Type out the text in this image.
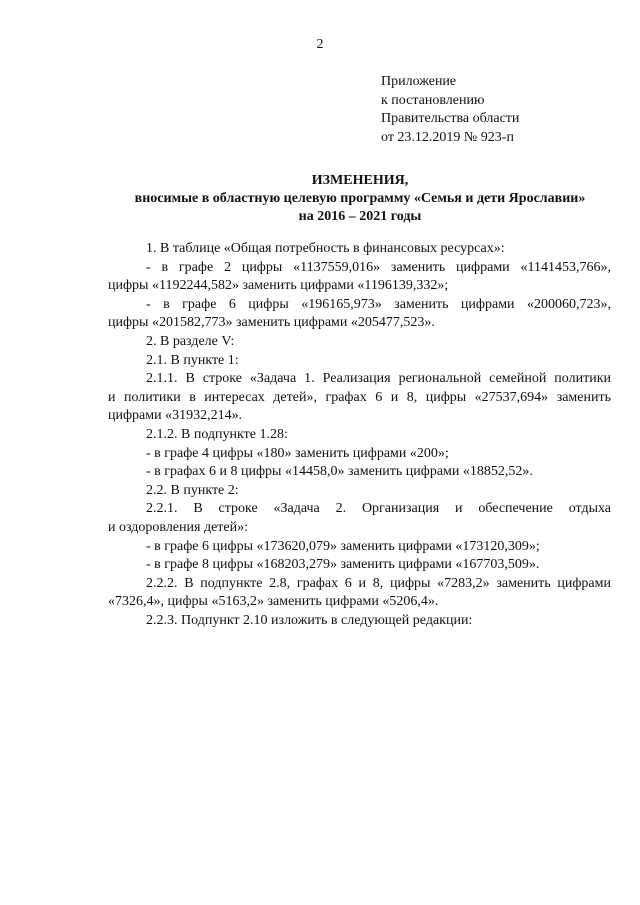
2
Приложение
к постановлению
Правительства области
от 23.12.2019 № 923-п
ИЗМЕНЕНИЯ,
вносимые в областную целевую программу «Семья и дети Ярославии»
на 2016 – 2021 годы
1. В таблице «Общая потребность в финансовых ресурсах»:
- в графе 2 цифры «1137559,016» заменить цифрами «1141453,766»,
цифры «1192244,582» заменить цифрами «1196139,332»;
- в графе 6 цифры «196165,973» заменить цифрами «200060,723»,
цифры «201582,773» заменить цифрами «205477,523».
2. В разделе V:
2.1. В пункте 1:
2.1.1. В строке «Задача 1. Реализация региональной семейной политики
и политики в интересах детей», графах 6 и 8, цифры «27537,694» заменить
цифрами «31932,214».
2.1.2. В подпункте 1.28:
- в графе 4 цифры «180» заменить цифрами «200»;
- в графах 6 и 8 цифры «14458,0» заменить цифрами «18852,52».
2.2. В пункте 2:
2.2.1. В строке «Задача 2. Организация и обеспечение отдыха
и оздоровления детей»:
- в графе 6 цифры «173620,079» заменить цифрами «173120,309»;
- в графе 8 цифры «168203,279» заменить цифрами «167703,509».
2.2.2. В подпункте 2.8, графах 6 и 8, цифры «7283,2» заменить цифрами
«7326,4», цифры «5163,2» заменить цифрами «5206,4».
2.2.3. Подпункт 2.10 изложить в следующей редакции:
